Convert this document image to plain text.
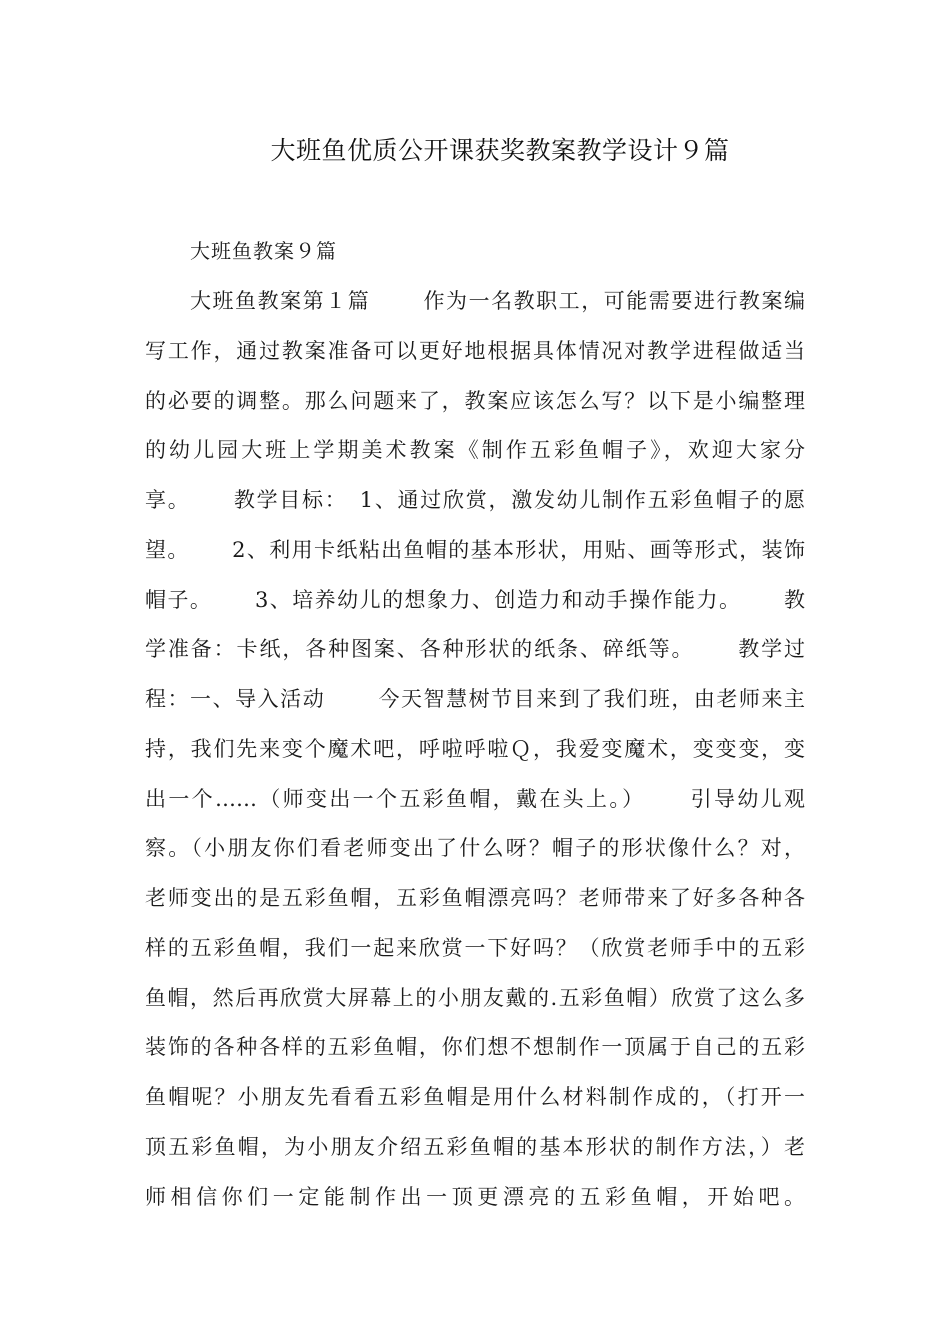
大班鱼优质公开课获奖教案教学设计９篇
大班鱼教案９篇
大班鱼教案第１篇　　 作为一名教职工，可能需要进行教案编
写工作，通过教案准备可以更好地根据具体情况对教学进程做适当
的必要的调整。那么问题来了，教案应该怎么写？以下是小编整理
的幼儿园大班上学期美术教案《制作五彩鱼帽子》，欢迎大家分
享。　　 教学目标：　1、通过欣赏，激发幼儿制作五彩鱼帽子的愿
望。　　 2、利用卡纸粘出鱼帽的基本形状，用贴、画等形式，装饰
帽子。　　 3、培养幼儿的想象力、创造力和动手操作能力。　　 教
学准备：卡纸，各种图案、各种形状的纸条、碎纸等。　　 教学过
程：一、导入活动　　 今天智慧树节目来到了我们班，由老师来主
持，我们先来变个魔术吧，呼啦呼啦Ｑ，我爱变魔术，变变变，变
出一个……（师变出一个五彩鱼帽，戴在头上。）　　 引导幼儿观
察。（小朋友你们看老师变出了什么呀？帽子的形状像什么？对，
老师变出的是五彩鱼帽，五彩鱼帽漂亮吗？老师带来了好多各种各
样的五彩鱼帽，我们一起来欣赏一下好吗？（欣赏老师手中的五彩
鱼帽，然后再欣赏大屏幕上的小朋友戴的.五彩鱼帽）欣赏了这么多
装饰的各种各样的五彩鱼帽，你们想不想制作一顶属于自己的五彩
鱼帽呢？小朋友先看看五彩鱼帽是用什么材料制作成的，（打开一
顶五彩鱼帽，为小朋友介绍五彩鱼帽的基本形状的制作方法，）老
师相信你们一定能制作出一顶更漂亮的五彩鱼帽，开始吧。
